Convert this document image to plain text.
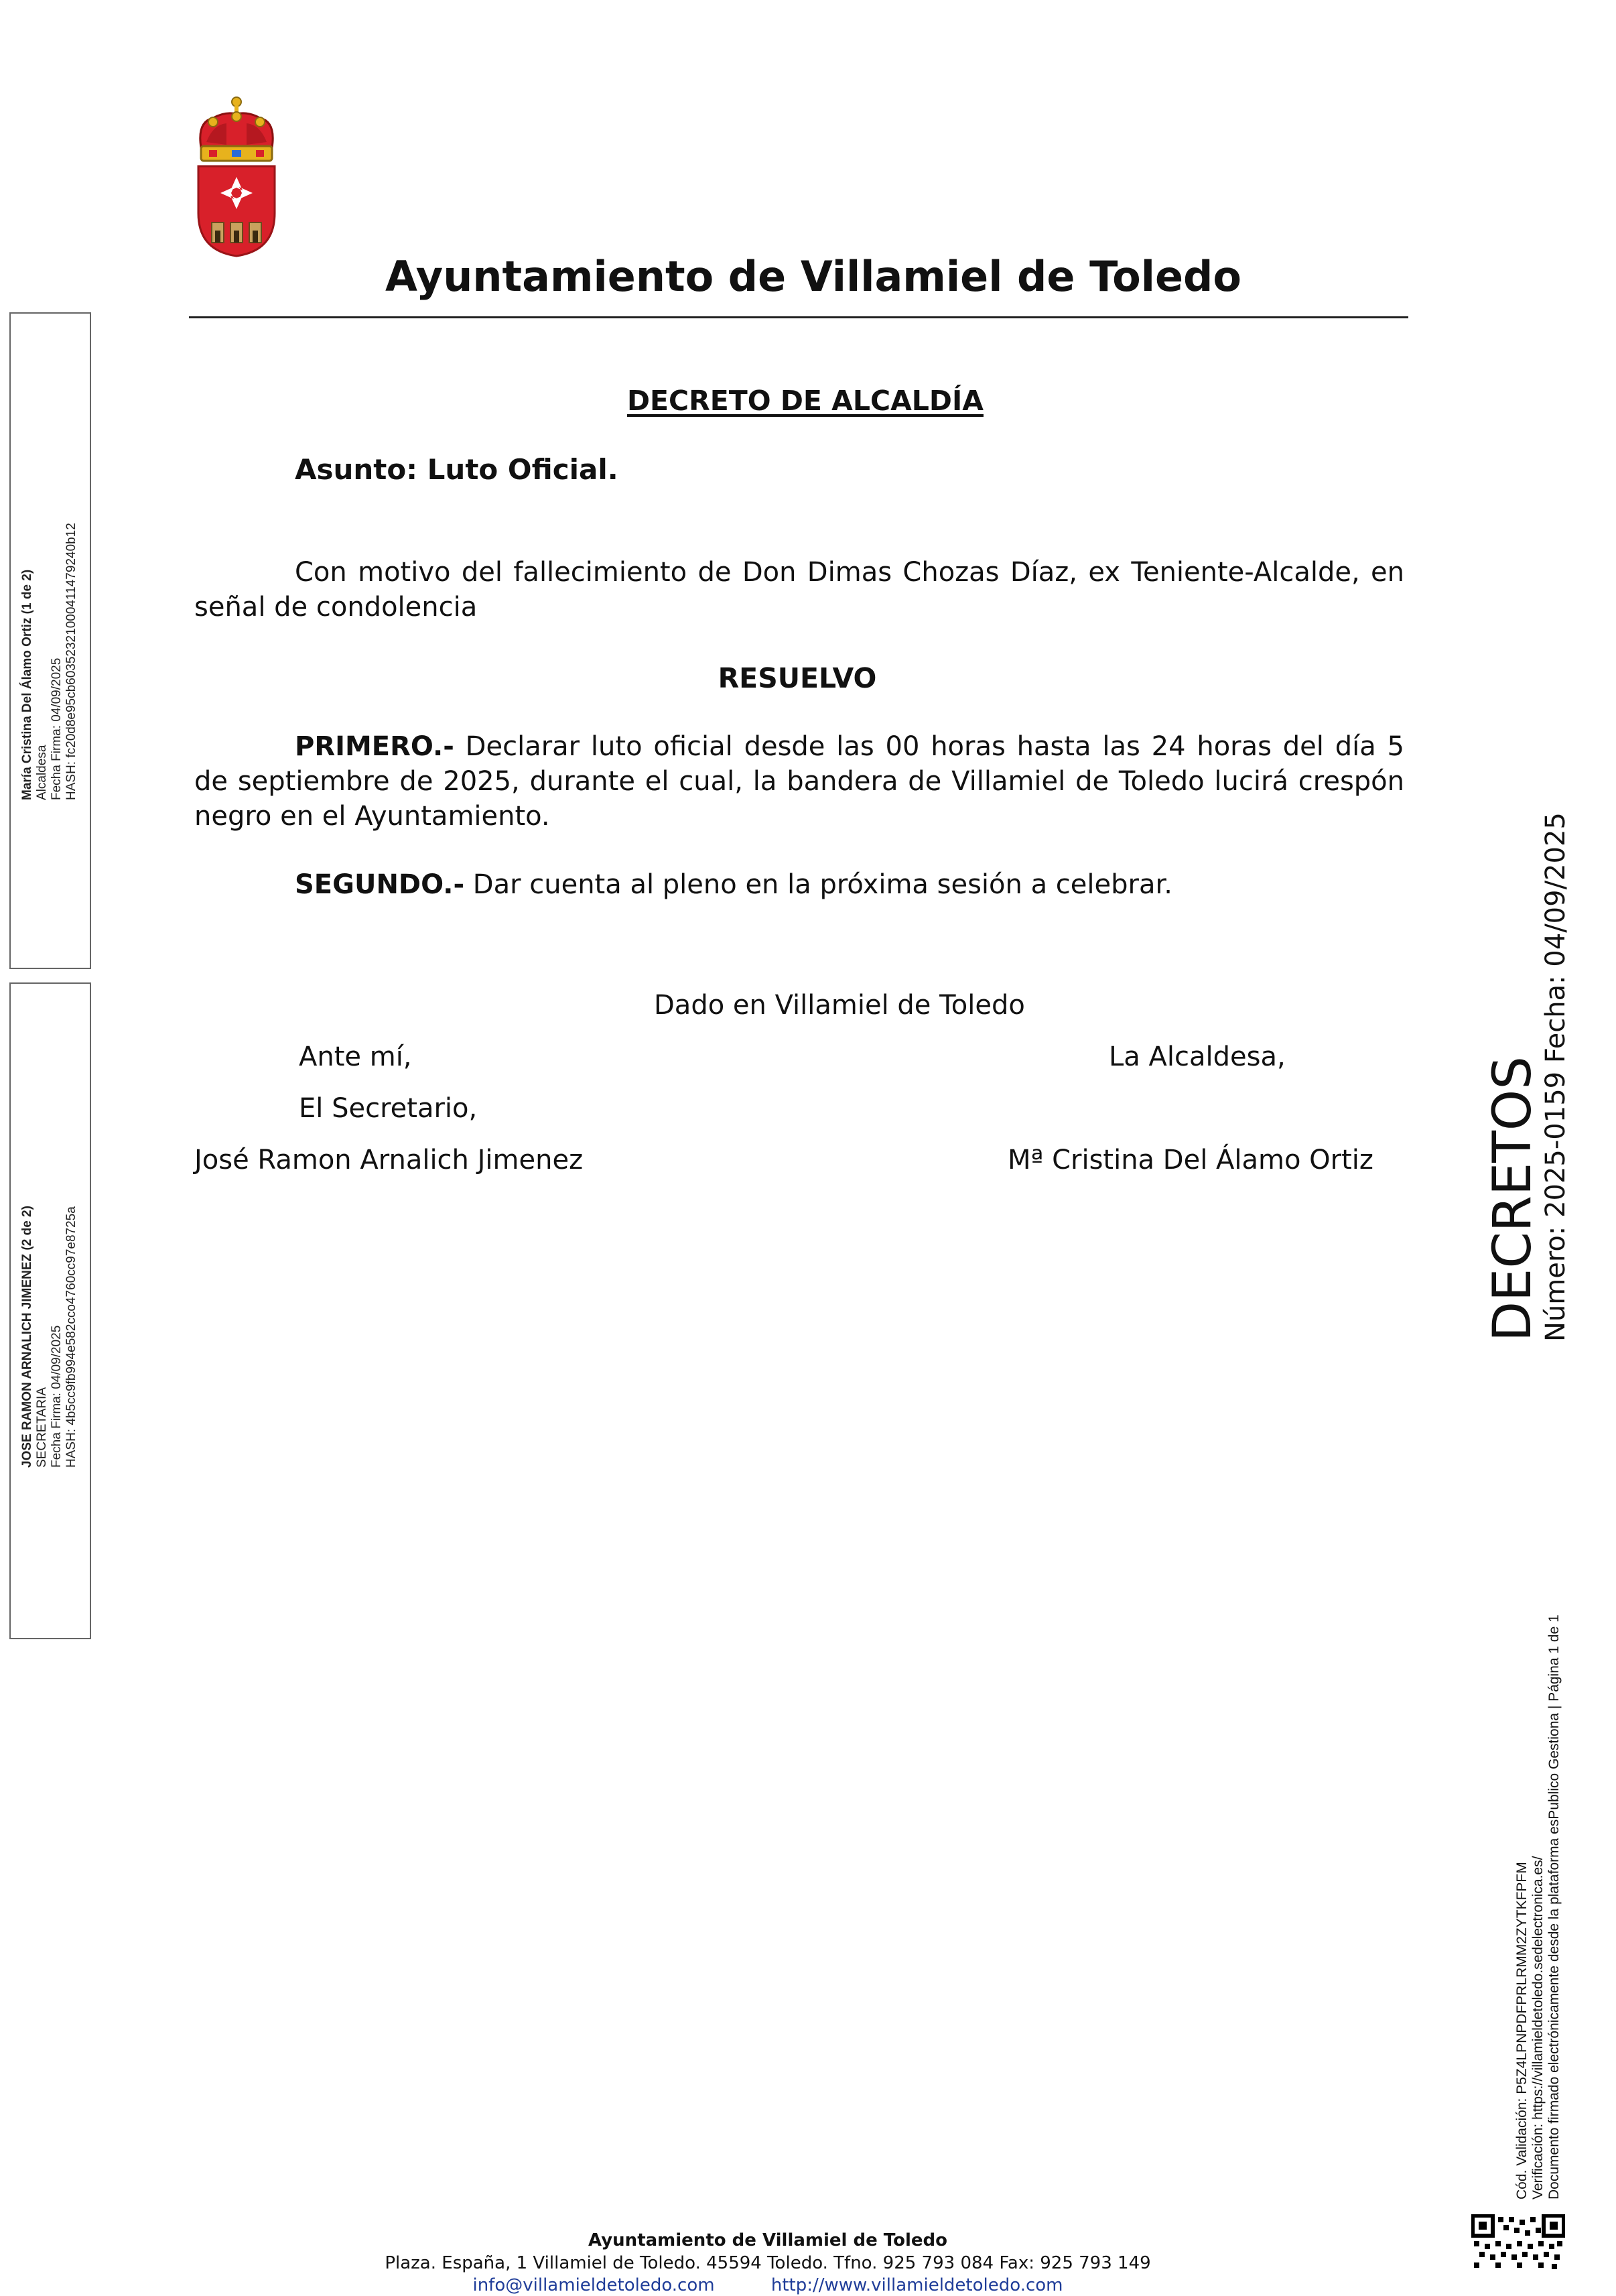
Ayuntamiento de Villamiel de Toledo
DECRETO DE ALCALDÍA
Asunto: Luto Oficial.
Con motivo del fallecimiento de Don Dimas Chozas Díaz, ex Teniente-Alcalde, en señal de condolencia
RESUELVO
PRIMERO.- Declarar luto oficial desde las 00 horas hasta las 24 horas del día 5 de septiembre de 2025, durante el cual, la bandera de Villamiel de Toledo lucirá crespón negro en el Ayuntamiento.
SEGUNDO.- Dar cuenta al pleno en la próxima sesión a celebrar.
Dado en Villamiel de Toledo
Ante mí,	La Alcaldesa,
El Secretario,
José Ramon Arnalich Jimenez	Mª Cristina Del Álamo Ortiz
María Cristina Del Álamo Ortiz (1 de 2) Alcaldesa Fecha Firma: 04/09/2025 HASH: fc20d8e95cb60352321000411479240b12
JOSE RAMON ARNALICH JIMENEZ (2 de 2) SECRETARIA Fecha Firma: 04/09/2025 HASH: 4b5cc9fb994e582cco4760cc97e8725a	DECRETOS
Número: 2025-0159 Fecha: 04/09/2025
Cód. Validación: P5Z4LPNPDFPRLRMM2ZYTKFPFM Verificación: https://villamieldetoledo.sedelectronica.es/ Documento firmado electrónicamente desde la plataforma esPublico Gestiona | Página 1 de 1
Ayuntamiento de Villamiel de Toledo
Plaza. España, 1 Villamiel de Toledo. 45594 Toledo. Tfno. 925 793 084 Fax: 925 793 149
info@villamieldetoledo.com	http://www.villamieldetoledo.com
